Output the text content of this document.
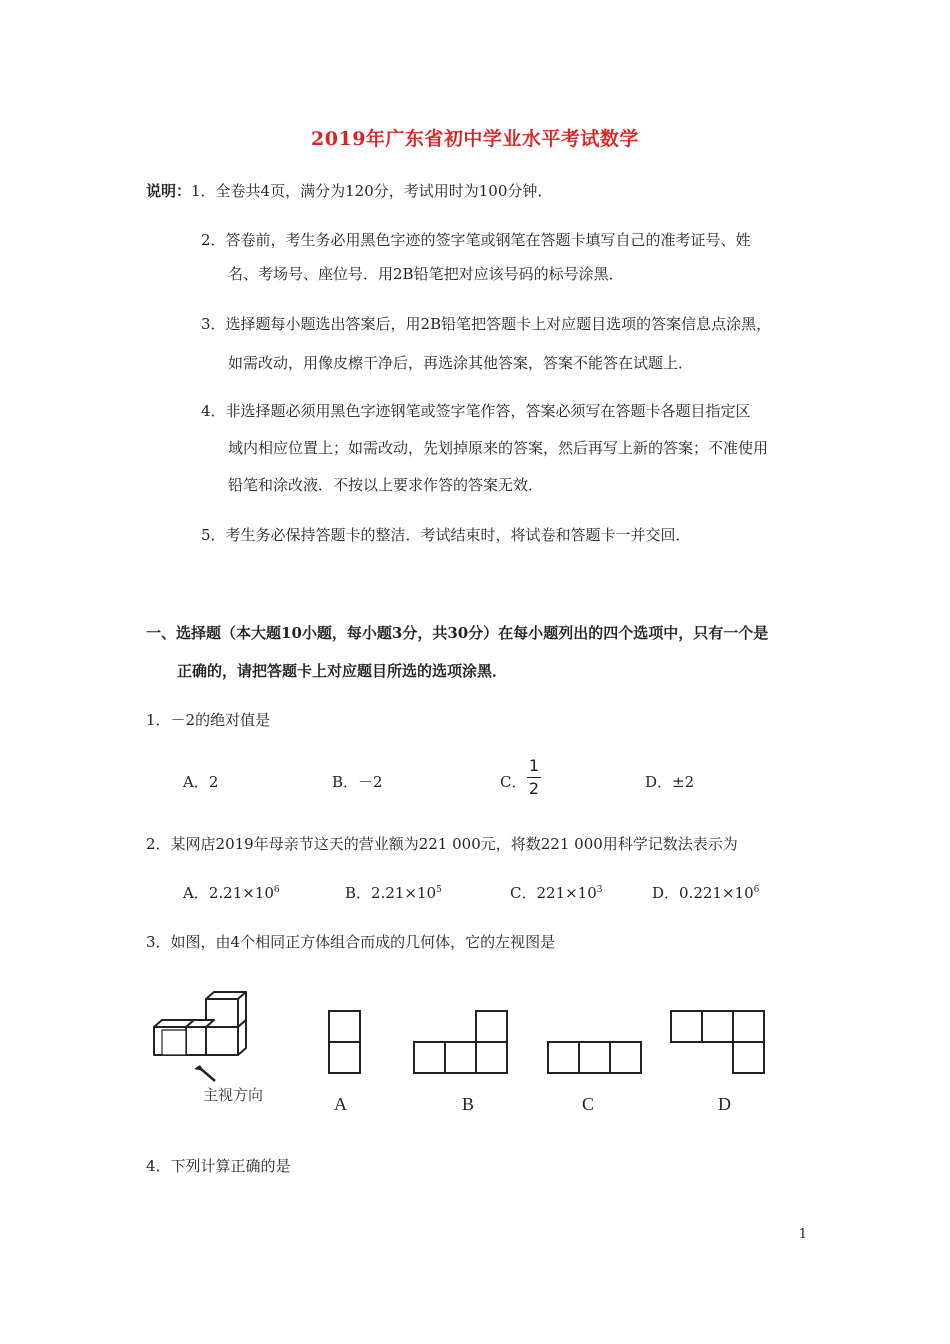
2019年广东省初中学业水平考试数学
说明：1．全卷共4页，满分为120分，考试用时为100分钟．
2．答卷前，考生务必用黑色字迹的签字笔或钢笔在答题卡填写自己的准考证号、姓
名、考场号、座位号．用2B铅笔把对应该号码的标号涂黑．
3．选择题每小题选出答案后，用2B铅笔把答题卡上对应题目选项的答案信息点涂黑，
如需改动，用像皮檫干净后，再选涂其他答案，答案不能答在试题上．
4．非选择题必须用黑色字迹钢笔或签字笔作答，答案必须写在答题卡各题目指定区
域内相应位置上；如需改动，先划掉原来的答案，然后再写上新的答案；不准使用
铅笔和涂改液．不按以上要求作答的答案无效．
5．考生务必保持答题卡的整洁．考试结束时，将试卷和答题卡一并交回．
一、选择题（本大题10小题，每小题3分，共30分）在每小题列出的四个选项中，只有一个是
正确的，请把答题卡上对应题目所选的选项涂黑．
1．－2的绝对值是
A．2	B．－2	C．
1
2	D．±2
2．某网店2019年母亲节这天的营业额为221 000元，将数221 000用科学记数法表示为
A．$2.21\times 10^6$	B．$2.21\times 10^5$	C．$221\times 10^3$	D．$0.221\times 10^6$
3．如图，由4个相同正方体组合而成的几何体，它的左视图是
主视方向	A	B	C	D
4．下列计算正确的是
1
